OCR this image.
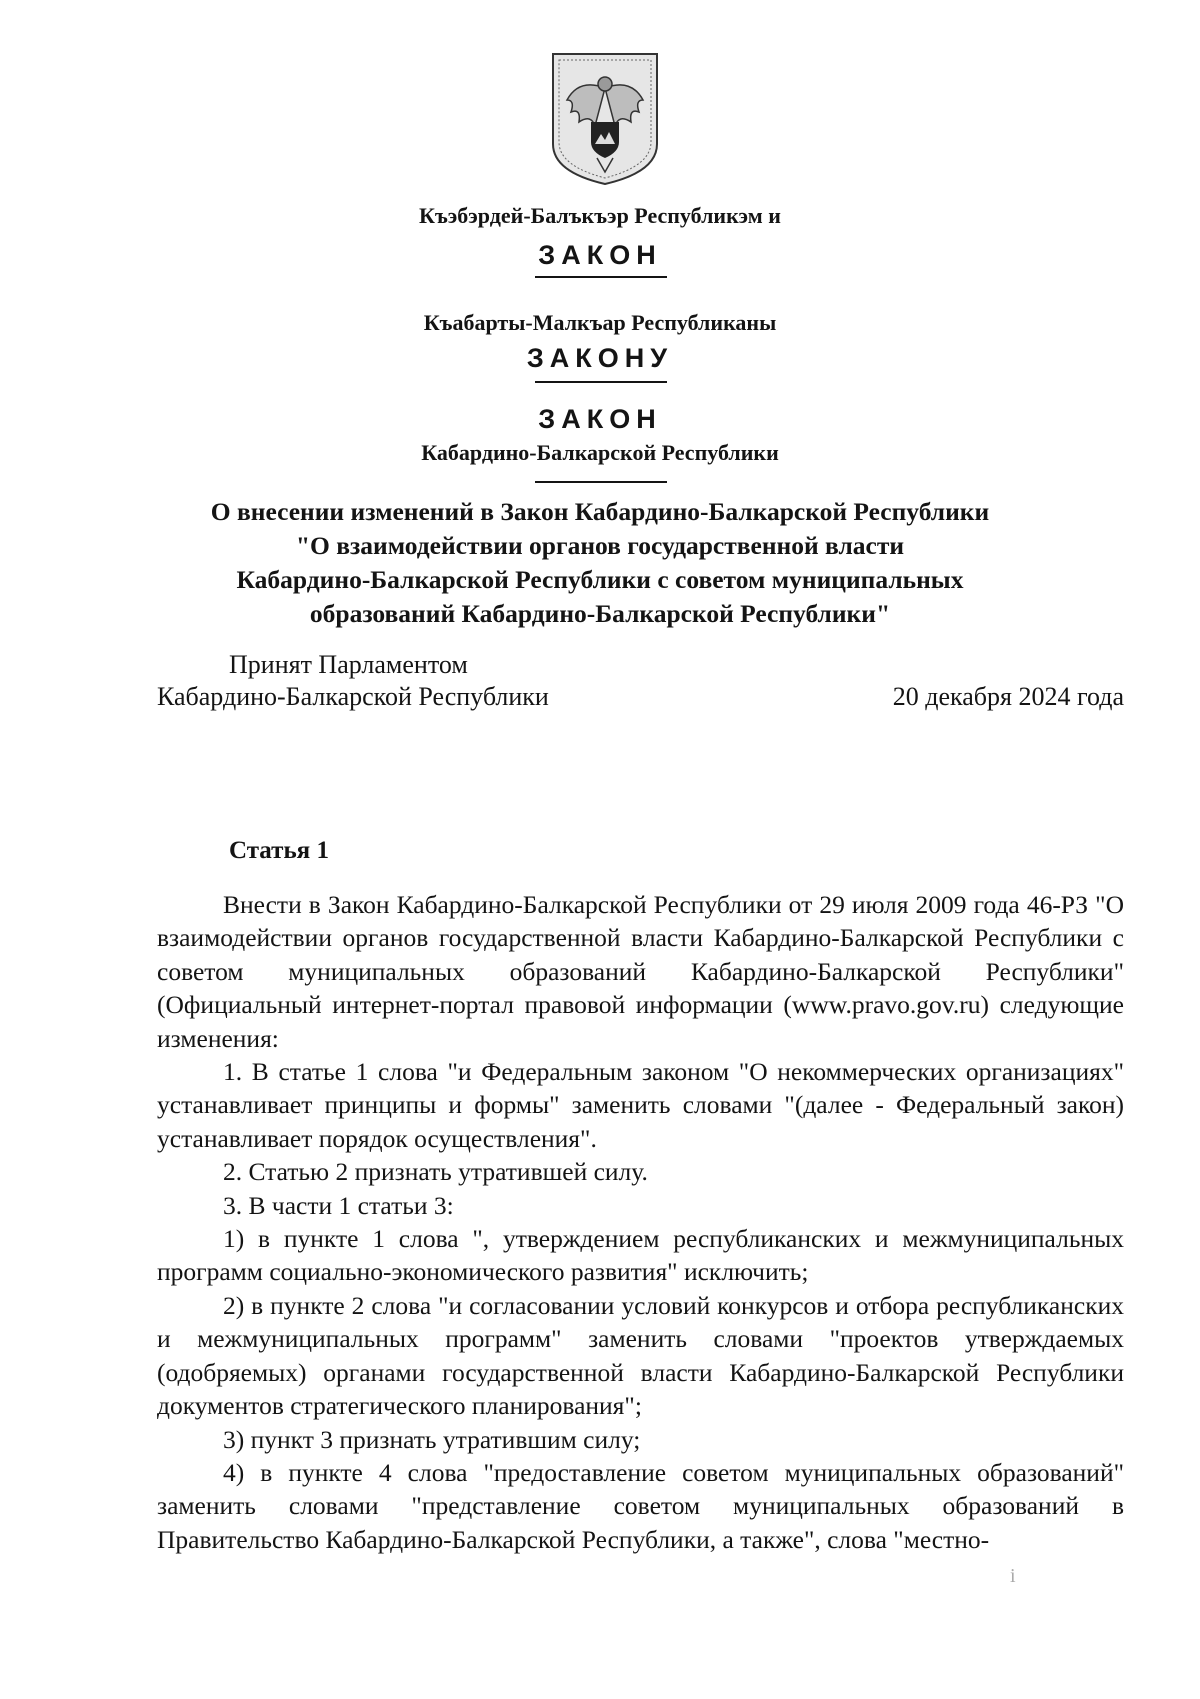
Къэбэрдей-Балъкъэр Республикэм и
ЗАКОН
Къабарты-Малкъар Республиканы
ЗАКОНУ
ЗАКОН
Кабардино-Балкарской Республики
О внесении изменений в Закон Кабардино-Балкарской Республики
"О взаимодействии органов государственной власти
Кабардино-Балкарской Республики с советом муниципальных
образований Кабардино-Балкарской Республики"
Принят Парламентом
Кабардино-Балкарской Республики	20 декабря 2024 года
Статья 1

Внести в Закон Кабардино-Балкарской Республики от 29 июля 2009 года 46-РЗ "О взаимодействии органов государственной власти Кабардино-Балкарской Республики с советом муниципальных образований Кабардино-Балкарской Республики" (Официальный интернет-портал правовой информации (www.pravo.gov.ru) следующие изменения:

1. В статье 1 слова "и Федеральным законом "О некоммерческих организациях" устанавливает принципы и формы" заменить словами "(далее - Федеральный закон) устанавливает порядок осуществления".

2. Статью 2 признать утратившей силу.

3. В части 1 статьи 3:

1) в пункте 1 слова ", утверждением республиканских и межмуниципальных программ социально-экономического развития" исключить;

2) в пункте 2 слова "и согласовании условий конкурсов и отбора республиканских и межмуниципальных программ" заменить словами "проектов утверждаемых (одобряемых) органами государственной власти Кабардино-Балкарской Республики документов стратегического планирования";

3) пункт 3 признать утратившим силу;

4) в пункте 4 слова "предоставление советом муниципальных образований" заменить словами "представление советом муниципальных образований в Правительство Кабардино-Балкарской Республики, а также", слова "местно-

i
